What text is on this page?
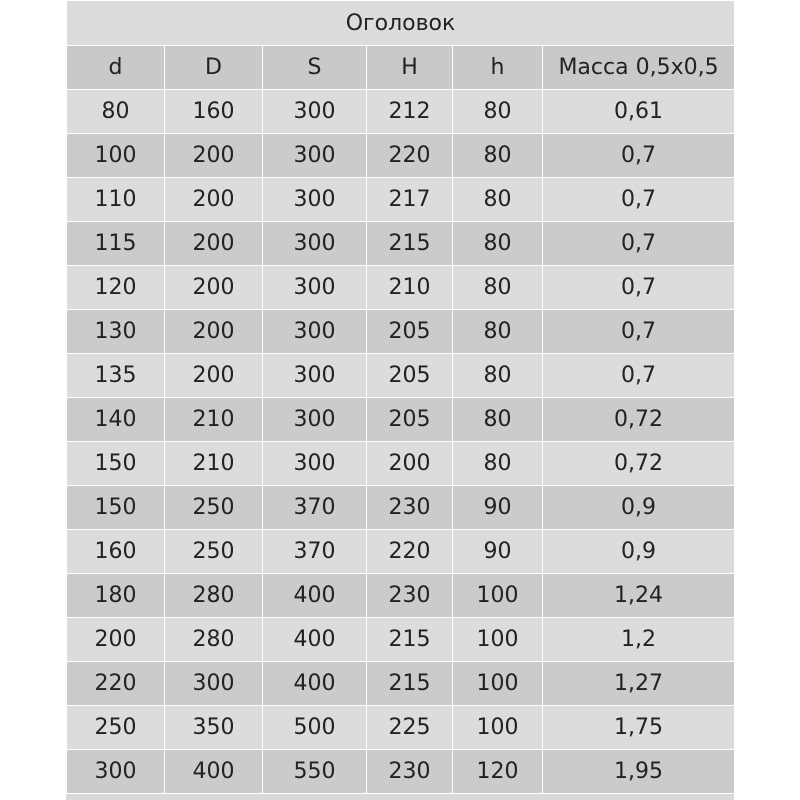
Оголовок					
d	D	S	H	h	Масса 0,5х0,5
80	160	300	212	80	0,61
100	200	300	220	80	0,7
110	200	300	217	80	0,7
115	200	300	215	80	0,7
120	200	300	210	80	0,7
130	200	300	205	80	0,7
135	200	300	205	80	0,7
140	210	300	205	80	0,72
150	210	300	200	80	0,72
150	250	370	230	90	0,9
160	250	370	220	90	0,9
180	280	400	230	100	1,24
200	280	400	215	100	1,2
220	300	400	215	100	1,27
250	350	500	225	100	1,75
300	400	550	230	120	1,95
